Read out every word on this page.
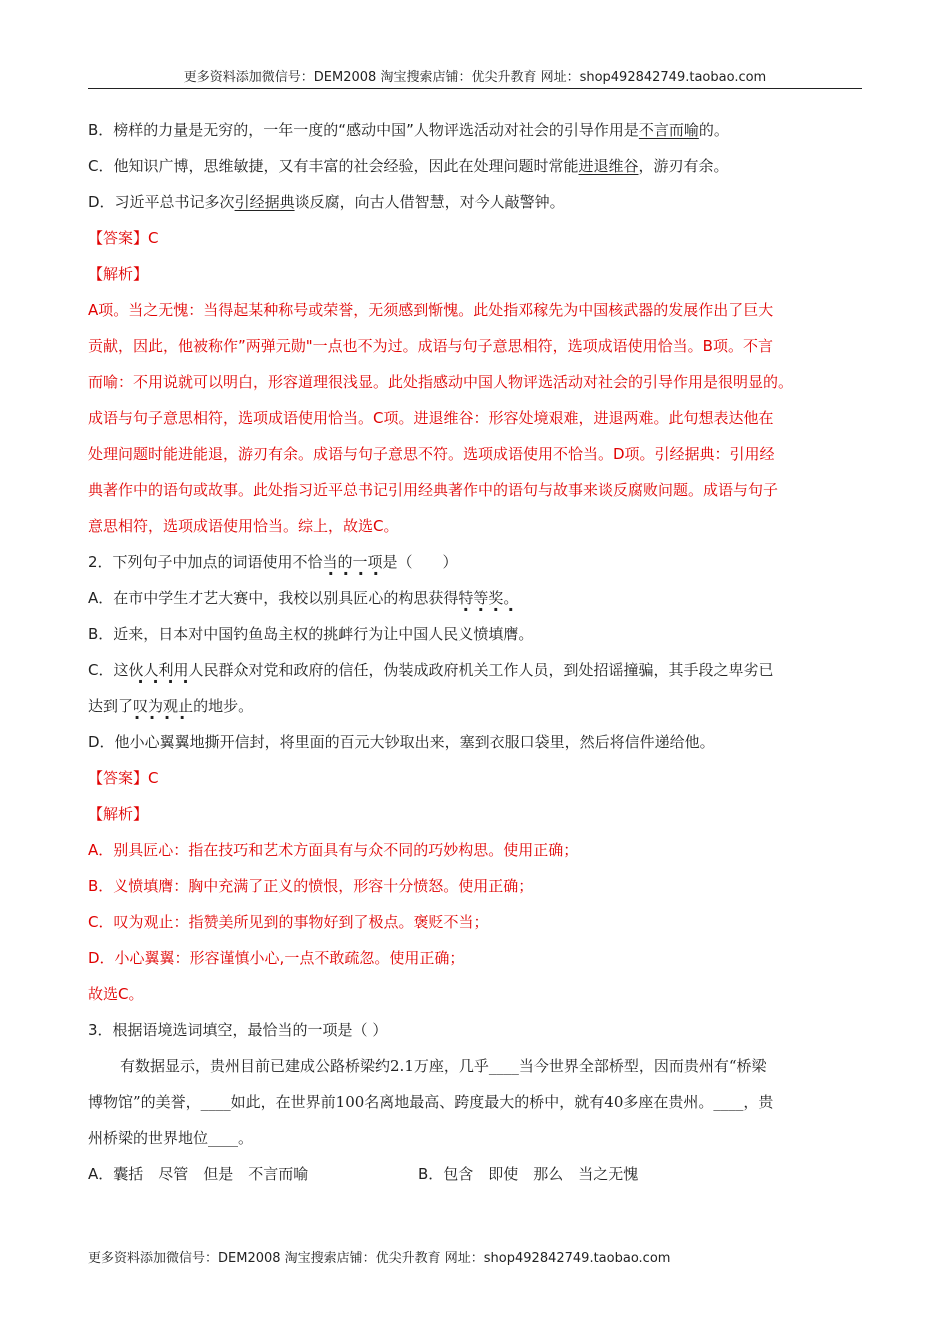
更多资料添加微信号：DEM2008 淘宝搜索店铺：优尖升教育 网址：shop492842749.taobao.com
B．榜样的力量是无穷的，一年一度的“感动中国”人物评选活动对社会的引导作用是不言而喻的。
C．他知识广博，思维敏捷，又有丰富的社会经验，因此在处理问题时常能进退维谷，游刃有余。
D．习近平总书记多次引经据典谈反腐，向古人借智慧，对今人敲警钟。
【答案】C
【解析】
A项。当之无愧：当得起某种称号或荣誉，无须感到惭愧。此处指邓稼先为中国核武器的发展作出了巨大
贡献，因此，他被称作”两弹元勋"一点也不为过。成语与句子意思相符，选项成语使用恰当。B项。不言
而喻：不用说就可以明白，形容道理很浅显。此处指感动中国人物评选活动对社会的引导作用是很明显的。
成语与句子意思相符，选项成语使用恰当。C项。进退维谷：形容处境艰难，进退两难。此句想表达他在
处理问题时能进能退，游刃有余。成语与句子意思不符。选项成语使用不恰当。D项。引经据典：引用经
典著作中的语句或故事。此处指习近平总书记引用经典著作中的语句与故事来谈反腐败问题。成语与句子
意思相符，选项成语使用恰当。综上，故选C。
2．下列句子中加点的词语使用不恰当的一项是（　　）
A．在市中学生才艺大赛中，我校以别具匠心的构思获得特等奖。
B．近来，日本对中国钓鱼岛主权的挑衅行为让中国人民义愤填膺。
C．这伙人利用人民群众对党和政府的信任，伪装成政府机关工作人员，到处招谣撞骗，其手段之卑劣已
达到了叹为观止的地步。
D．他小心翼翼地撕开信封，将里面的百元大钞取出来，塞到衣服口袋里，然后将信件递给他。
【答案】C
【解析】
A．别具匠心：指在技巧和艺术方面具有与众不同的巧妙构思。使用正确；
B．义愤填膺：胸中充满了正义的愤恨，形容十分愤怒。使用正确；
C．叹为观止：指赞美所见到的事物好到了极点。褒贬不当；
D．小心翼翼：形容谨慎小心,一点不敢疏忽。使用正确；
故选C。
3．根据语境选词填空，最恰当的一项是（ ）
有数据显示，贵州目前已建成公路桥梁约2.1万座，几乎____当今世界全部桥型，因而贵州有“桥梁
博物馆”的美誉，____如此，在世界前100名离地最高、跨度最大的桥中，就有40多座在贵州。____，贵
州桥梁的世界地位____。
A．囊括　尽管　但是　不言而喻	B．包含　即使　那么　当之无愧
更多资料添加微信号：DEM2008 淘宝搜索店铺：优尖升教育 网址：shop492842749.taobao.com
